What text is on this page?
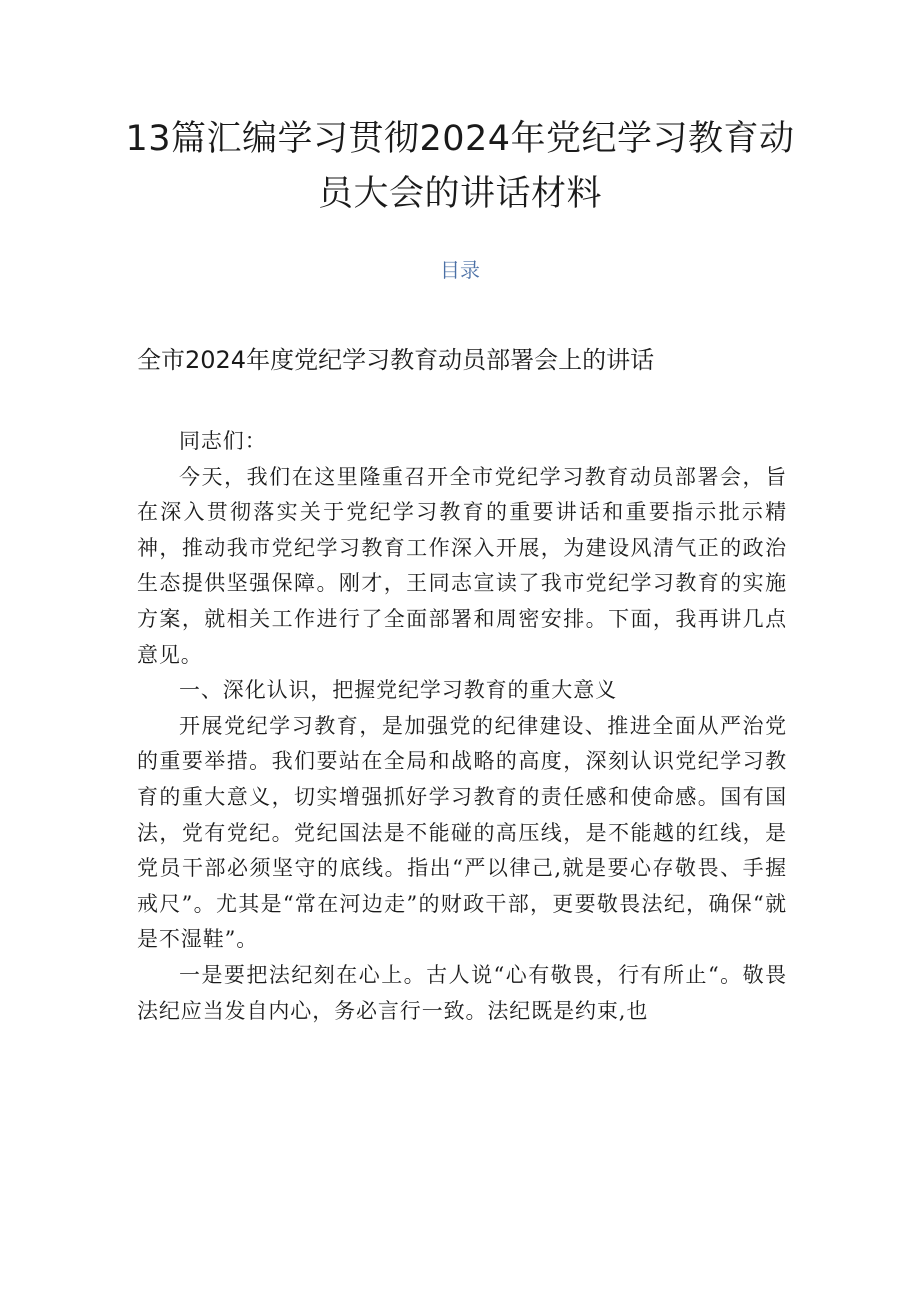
13篇汇编学习贯彻2024年党纪学习教育动
员大会的讲话材料
目录
全市2024年度党纪学习教育动员部署会上的讲话

同志们：

今天，我们在这里隆重召开全市党纪学习教育动员部署会，旨在深入贯彻落实关于党纪学习教育的重要讲话和重要指示批示精神，推动我市党纪学习教育工作深入开展，为建设风清气正的政治生态提供坚强保障。刚才，王同志宣读了我市党纪学习教育的实施方案，就相关工作进行了全面部署和周密安排。下面，我再讲几点意见。

一、深化认识，把握党纪学习教育的重大意义

开展党纪学习教育，是加强党的纪律建设、推进全面从严治党的重要举措。我们要站在全局和战略的高度，深刻认识党纪学习教育的重大意义，切实增强抓好学习教育的责任感和使命感。国有国法，党有党纪。党纪国法是不能碰的高压线，是不能越的红线，是党员干部必须坚守的底线。指出“严以律己,就是要心存敬畏、手握戒尺”。尤其是“常在河边走”的财政干部，更要敬畏法纪，确保“就是不湿鞋”。

一是要把法纪刻在心上。古人说“心有敬畏，行有所止“。敬畏法纪应当发自内心，务必言行一致。法纪既是约束,也
